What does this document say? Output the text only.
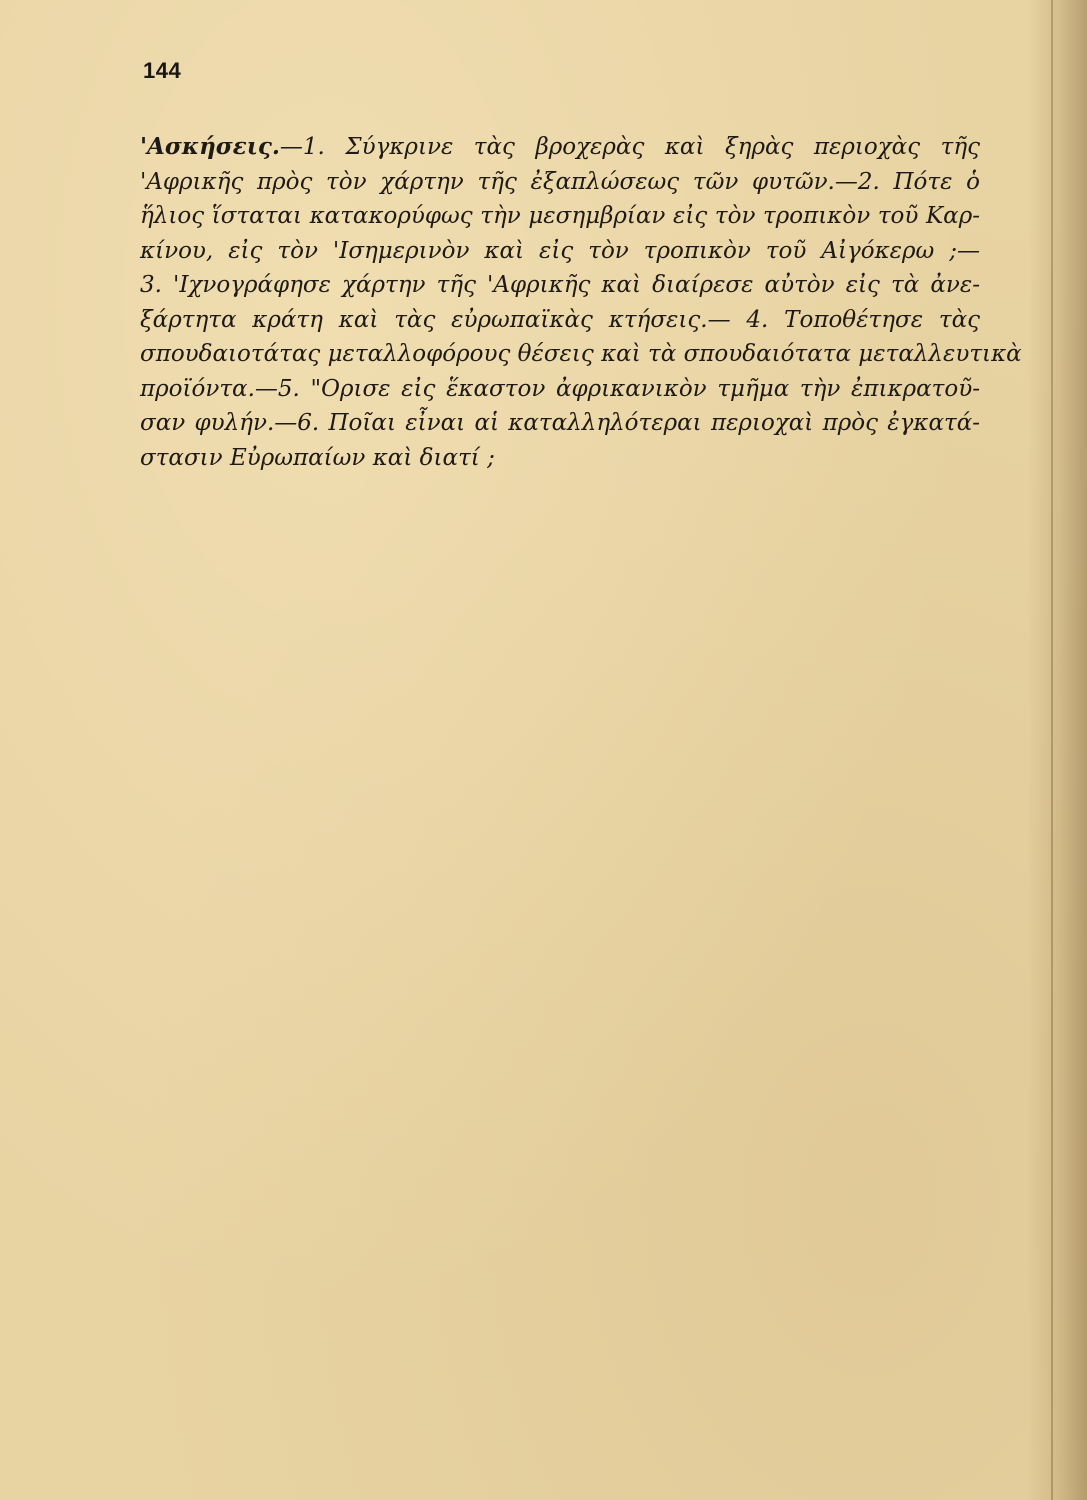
144

'Ασκήσεις.—1. Σύγκρινε τὰς βροχερὰς καὶ ξηρὰς περιοχὰς τῆς
'Αφρικῆς πρὸς τὸν χάρτην τῆς ἐξαπλώσεως τῶν φυτῶν.—2. Πότε ὁ
ἥλιος ἵσταται κατακορύφως τὴν μεσημβρίαν εἰς τὸν τροπικὸν τοῦ Καρ-
κίνου, εἰς τὸν 'Ισημερινὸν καὶ εἰς τὸν τροπικὸν τοῦ Αἰγόκερω ;—
3. 'Ιχνογράφησε χάρτην τῆς 'Αφρικῆς καὶ διαίρεσε αὐτὸν εἰς τὰ ἀνε-
ξάρτητα κράτη καὶ τὰς εὐρωπαϊκὰς κτήσεις.— 4. Τοποθέτησε τὰς
σπουδαιοτάτας μεταλλοφόρους θέσεις καὶ τὰ σπουδαιότατα μεταλλευτικὰ
προϊόντα.—5. "Ορισε εἰς ἕκαστον ἀφρικανικὸν τμῆμα τὴν ἐπικρατοῦ-
σαν φυλήν.—6. Ποῖαι εἶναι αἱ καταλληλότεραι περιοχαὶ πρὸς ἐγκατά-
στασιν Εὐρωπαίων καὶ διατί ;
